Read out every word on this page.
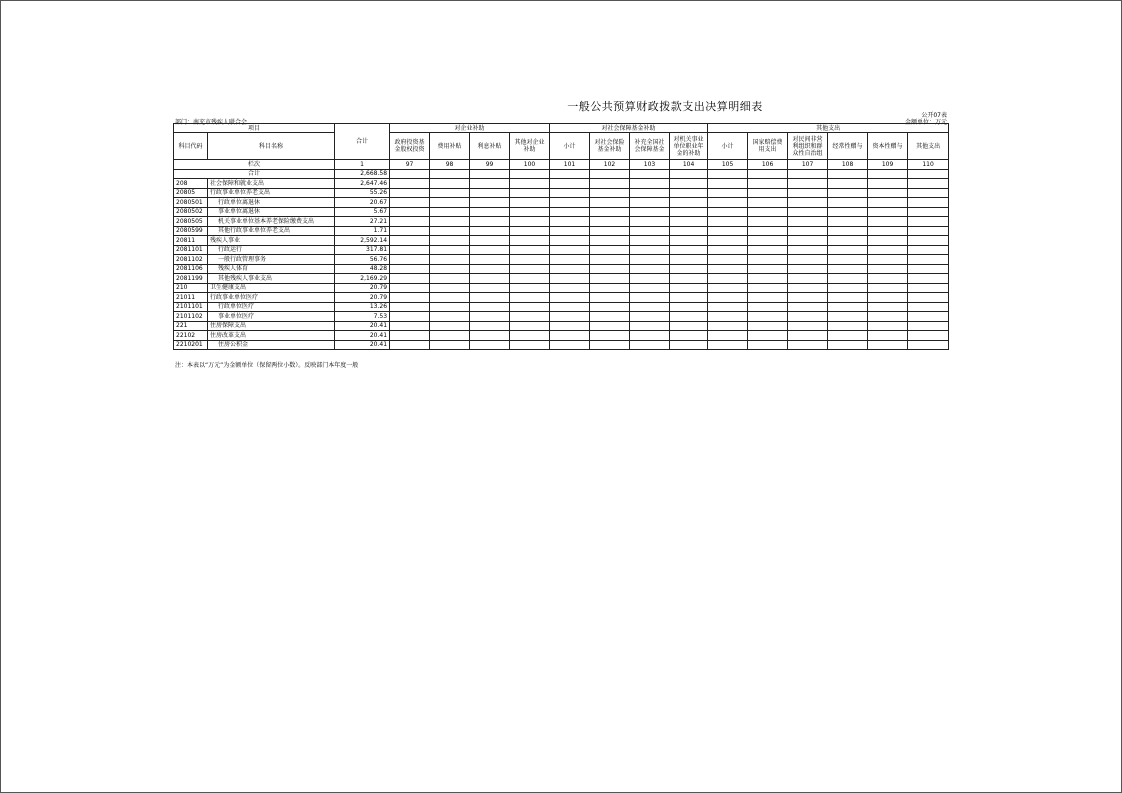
一般公共预算财政拨款支出决算明细表
公开07表
部门：南充市残疾人联合会	金额单位：万元
项目		合计	对企业补助				对社会保障基金补助				其他支出					
科目代码	科目名称		政府投资基金股权投资	费用补贴	利息补贴	其他对企业补助	小计	对社会保险基金补助	补充全国社会保障基金	对机关事业单位职业年金的补助	小计	国家赔偿费用支出	对民间非营利组织和群众性自治组	经常性赠与	资本性赠与	其他支出
栏次		1	97	98	99	100	101	102	103	104	105	106	107	108	109	110
合计		2,668.58														
208	社会保障和就业支出	2,647.46														
20805	行政事业单位养老支出	55.26														
2080501	行政单位离退休	20.67														
2080502	事业单位离退休	5.67														
2080505	机关事业单位基本养老保险缴费支出	27.21														
2080599	其他行政事业单位养老支出	1.71														
20811	残疾人事业	2,592.14														
2081101	行政运行	317.81														
2081102	一般行政管理事务	56.76														
2081106	残疾人体育	48.28														
2081199	其他残疾人事业支出	2,169.29														
210	卫生健康支出	20.79														
21011	行政事业单位医疗	20.79														
2101101	行政单位医疗	13.26														
2101102	事业单位医疗	7.53														
221	住房保障支出	20.41														
22102	住房改革支出	20.41														
2210201	住房公积金	20.41														
注：本表以“万元”为金额单位（保留两位小数）。反映部门本年度一般
